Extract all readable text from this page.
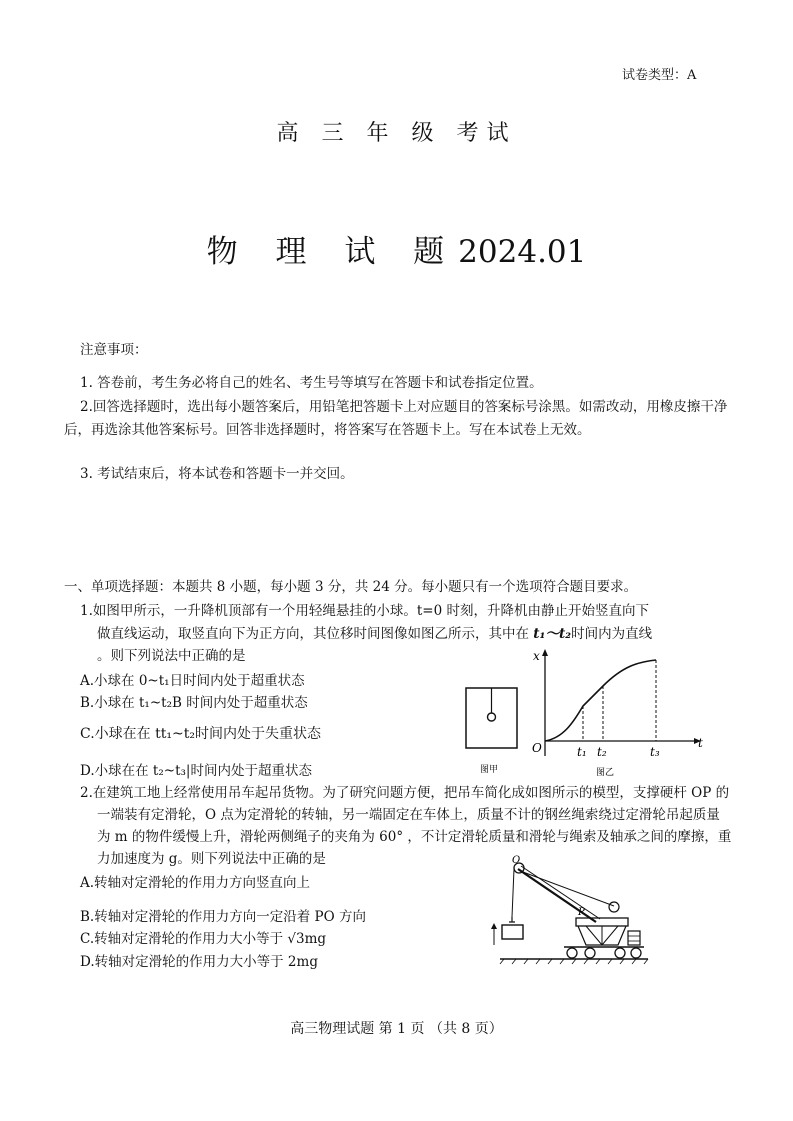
试卷类型：A
高 三 年 级 考试
物 理 试 题2024.01
注意事项：
1. 答卷前，考生务必将自己的姓名、考生号等填写在答题卡和试卷指定位置。
2.回答选择题时，选出每小题答案后，用铅笔把答题卡上对应题目的答案标号涂黑。如需改动，用橡皮擦干净后，再选涂其他答案标号。回答非选择题时，将答案写在答题卡上。写在本试卷上无效。
3. 考试结束后，将本试卷和答题卡一并交回。
一、单项选择题：本题共 8 小题，每小题 3 分，共 24 分。每小题只有一个选项符合题目要求。
1.如图甲所示，一升降机顶部有一个用轻绳悬挂的小球。t=0 时刻，升降机由静止开始竖直向下
做直线运动，取竖直向下为正方向，其位移时间图像如图乙所示，其中在 t₁～t₂时间内为直线
。则下列说法中正确的是
A.小球在 0~t₁日时间内处于超重状态
B.小球在 t₁~t₂B 时间内处于超重状态
C.小球在在 tt₁~t₂时间内处于失重状态
D.小球在在 t₂~t₃|时间内处于超重状态	图甲
x
t
O	t₁ t₂	t₃
图乙
2.在建筑工地上经常使用吊车起吊货物。为了研究问题方便，把吊车简化成如图所示的模型，支撑硬杆 OP 的一端装有定滑轮，O 点为定滑轮的转轴，另一端固定在车体上，质量不计的钢丝绳索绕过定滑轮吊起质量为 m 的物件缓慢上升，滑轮两侧绳子的夹角为 60° ，不计定滑轮质量和滑轮与绳索及轴承之间的摩擦，重力加速度为 g。则下列说法中正确的是
A.转轴对定滑轮的作用力方向竖直向上
B.转轴对定滑轮的作用力方向一定沿着 PO 方向
C.转轴对定滑轮的作用力大小等于 √3mg
D.转轴对定滑轮的作用力大小等于 2mg
O
P
高三物理试题 第 1 页 （共 8 页）
